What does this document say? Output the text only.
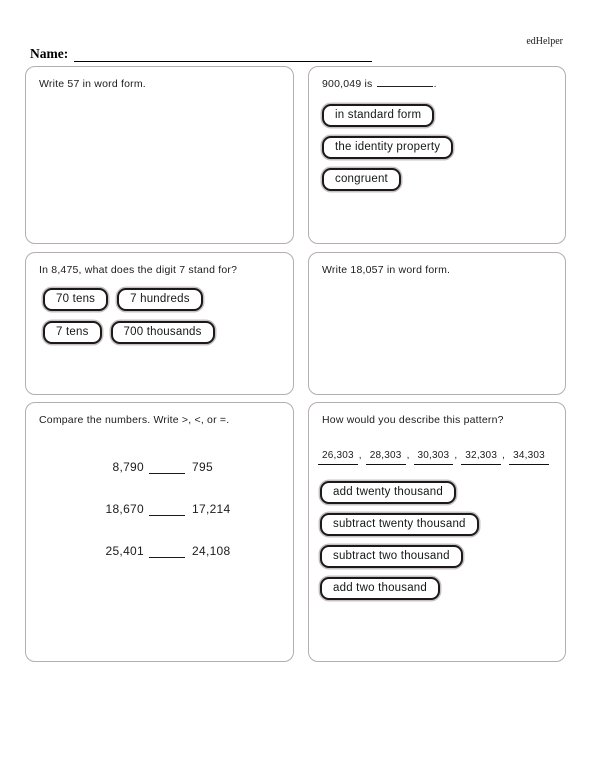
edHelper
Name:
Write 57 in word form.	900,049 is	.
in standard form
the identity property
congruent
In 8,475, what does the digit 7 stand for?
70 tens	7 hundreds
7 tens	700 thousands
Write 18,057 in word form.
Compare the numbers. Write >, <, or =.
8,790	795
18,670	17,214
25,401	24,108
How would you describe this pattern?
26,303 , 28,303 , 30,303 , 32,303 , 34,303
add twenty thousand
subtract twenty thousand
subtract two thousand
add two thousand
